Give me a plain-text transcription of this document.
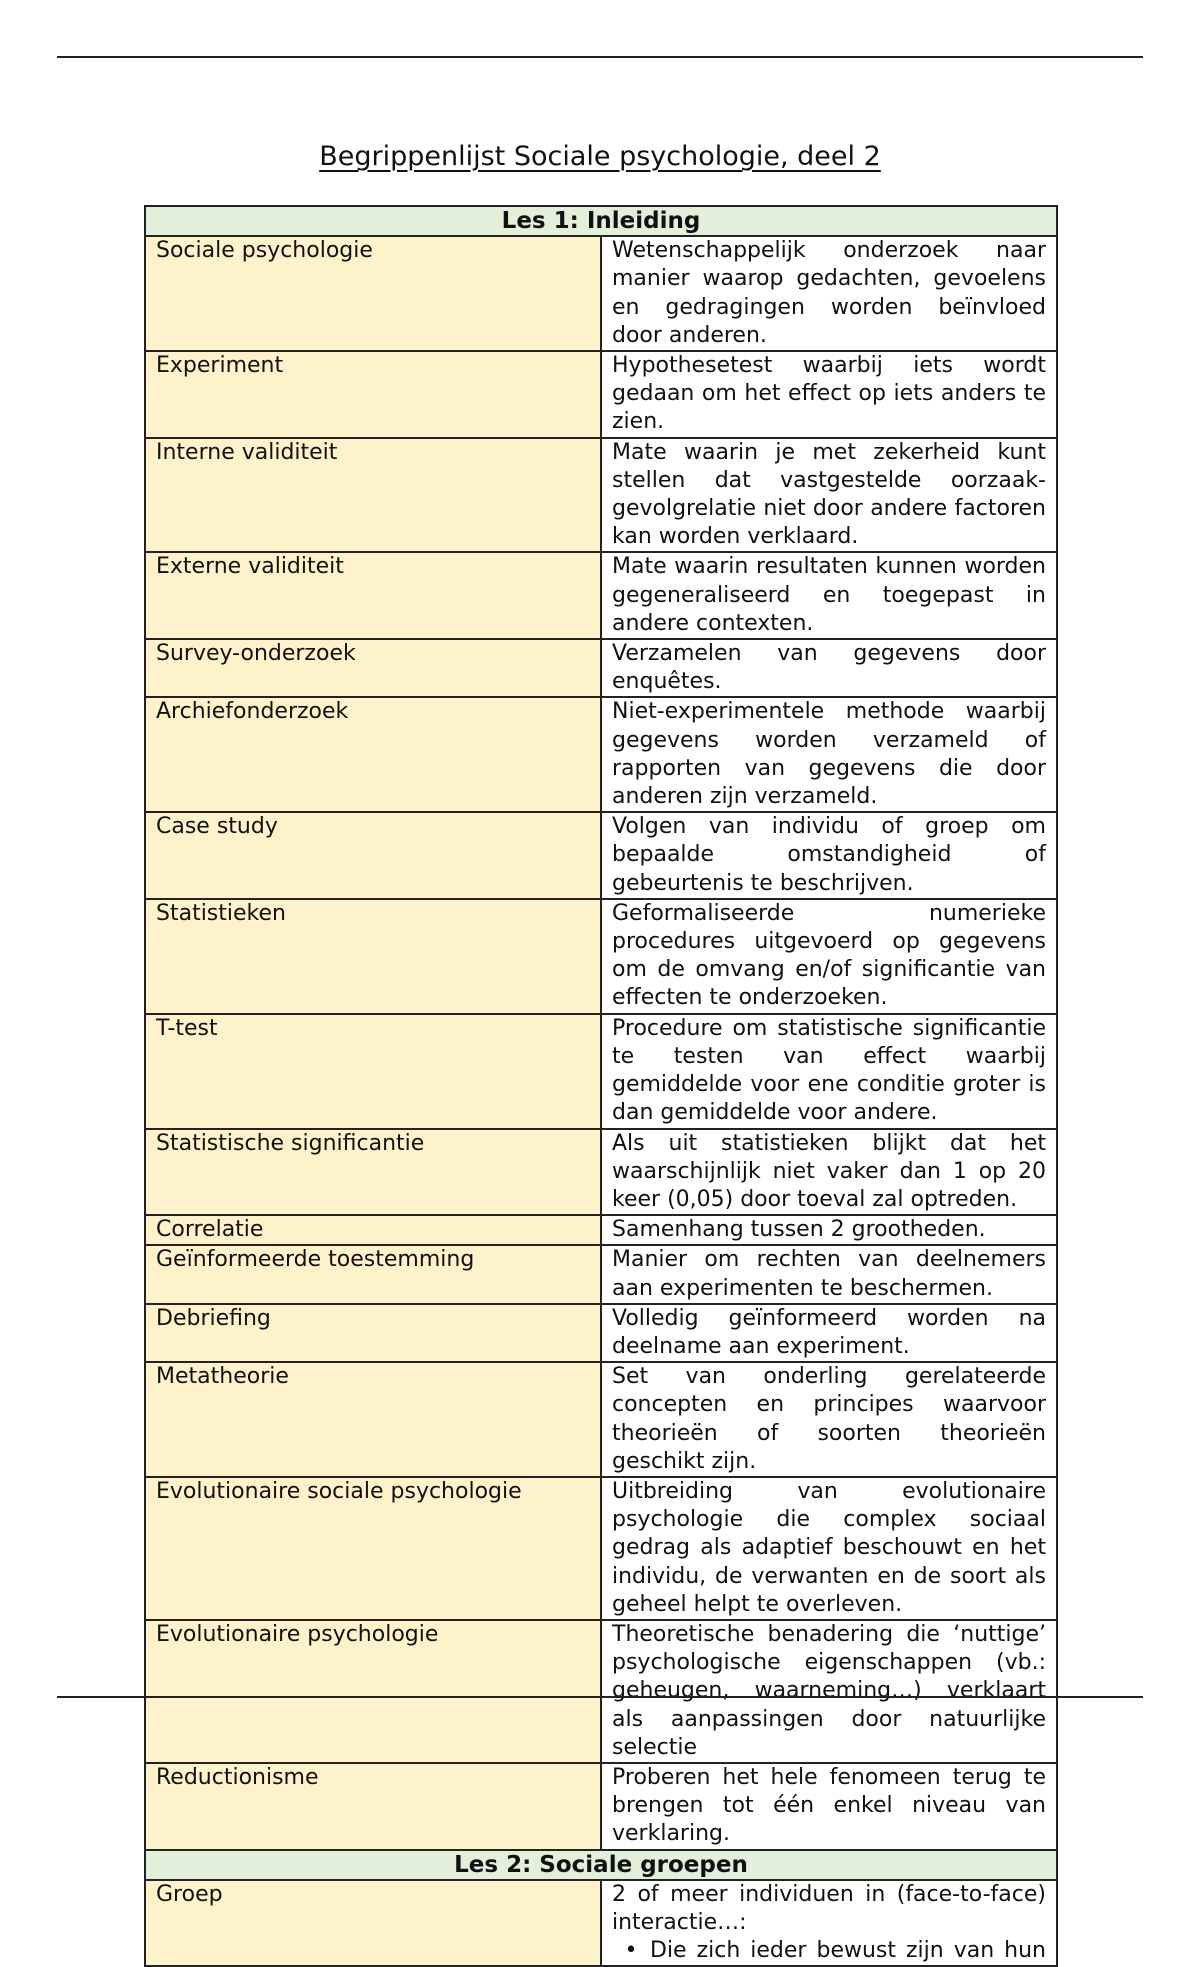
Begrippenlijst Sociale psychologie, deel 2
Les 1: Inleiding	
Sociale psychologie	Wetenschappelijk onderzoek naar manier waarop gedachten, gevoelens en gedragingen worden beïnvloed door anderen.

Experiment	Hypothesetest waarbij iets wordt gedaan om het effect op iets anders te zien.

Interne validiteit	Mate waarin je met zekerheid kunt stellen dat vastgestelde oorzaak-gevolgrelatie niet door andere factoren kan worden verklaard.

Externe validiteit	Mate waarin resultaten kunnen worden gegeneraliseerd en toegepast in andere contexten.

Survey-onderzoek	Verzamelen van gegevens door enquêtes.

Archiefonderzoek	Niet-experimentele methode waarbij gegevens worden verzameld of rapporten van gegevens die door anderen zijn verzameld.

Case study	Volgen van individu of groep om bepaalde omstandigheid of gebeurtenis te beschrijven.

Statistieken	Geformaliseerde numerieke procedures uitgevoerd op gegevens om de omvang en/of significantie van effecten te onderzoeken.

T-test	Procedure om statistische significantie te testen van effect waarbij gemiddelde voor ene conditie groter is dan gemiddelde voor andere.

Statistische significantie	Als uit statistieken blijkt dat het waarschijnlijk niet vaker dan 1 op 20 keer (0,05) door toeval zal optreden.

Correlatie	Samenhang tussen 2 grootheden.

Geïnformeerde toestemming	Manier om rechten van deelnemers aan experimenten te beschermen.

Debriefing	Volledig geïnformeerd worden na deelname aan experiment.

Metatheorie	Set van onderling gerelateerde concepten en principes waarvoor theorieën of soorten theorieën geschikt zijn.

Evolutionaire sociale psychologie	Uitbreiding van evolutionaire psychologie die complex sociaal gedrag als adaptief beschouwt en het individu, de verwanten en de soort als geheel helpt te overleven.

Evolutionaire psychologie	Theoretische benadering die ‘nuttige’ psychologische eigenschappen (vb.: geheugen, waarneming…) verklaart als aanpassingen door natuurlijke selectie

Reductionisme	Proberen het hele fenomeen terug te brengen tot één enkel niveau van verklaring.

Les 2: Sociale groepen	
Groep	2 of meer individuen in (face-to-face) interactie…:
• Die zich ieder bewust zijn van hun
